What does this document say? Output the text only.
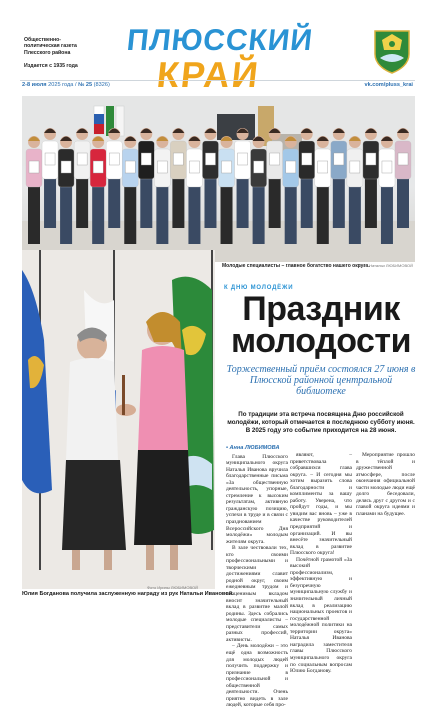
Общественно-
политическая газета
Плесского района
Издается с 1935 года
ПЛЮССКИЙ
КРАЙ
2-8 июля 2025 года / № 25 (8326)	vk.com/pluss_krai
Молодые специалисты – главное богатство нашего округа.
Фото Натальи ЛЮБИМОВОЙ
Фото Ирины ЛЮБИМОВОЙ
Юлия Богданова получила заслуженную награду из рук Натальи Ивановой.
К ДНЮ МОЛОДЁЖИ
Праздник
молодости
Торжественный приём состоялся 27 июня в Плюсской районной центральной библиотеке
По традиции эта встреча посвящена Дню российской молодёжи, который отмечается в последнюю субботу июня. В 2025 году это событие приходится на 28 июня.
• Анна ЛЮБИМОВА

Глава Плюсского муниципального округа Наталья Иванова вручила благодарственные письма «За общественную деятельность, упорные, стремление к высоким результатам, активную гражданскую позицию, успехи в труде и в связи с празднованием Всероссийского Дня молодёжи» молодым жителям округа.

В зале чествовали тех, кто своими профессиональными и творческими достижениями славит родной округ, своим ежедневным трудом и неоценимым вкладом вносит значительный вклад в развитие малой родины. Здесь собрались молодые специалисты – представители самых разных профессий, активисты.

– День молодёжи – это ещё одна возможность для молодых людей получить поддержку и признание в профессиональной и общественной деятельности. Очень приятно видеть в зале людей, которые себя про-

являют, – приветствовала собравшихся глава округа. – И сегодня мы хотим выразить слова благодарности и комплименты за вашу работу. Уверена, что пройдут годы, и мы увидим вас вновь – уже в качестве руководителей предприятий и организаций. И вы внесёте значительный вклад в развитие Плюсского округа!

Почётной грамотой «За высокий профессионализм, эффективную и безупречную муниципальную службу и значительный личный вклад в реализацию национальных проектов и государственной молодёжной политики на территории округа» Наталья Иванова наградила заместителя главы Плюсского муниципального округа по социальным вопросам Юлию Богданову.

Мероприятие прошло в тёплой и дружественной атмосфере, после окончания официальной части молодые люди ещё долго беседовали, делясь друг с другом и с главой округа идеями и планами на будущее.
